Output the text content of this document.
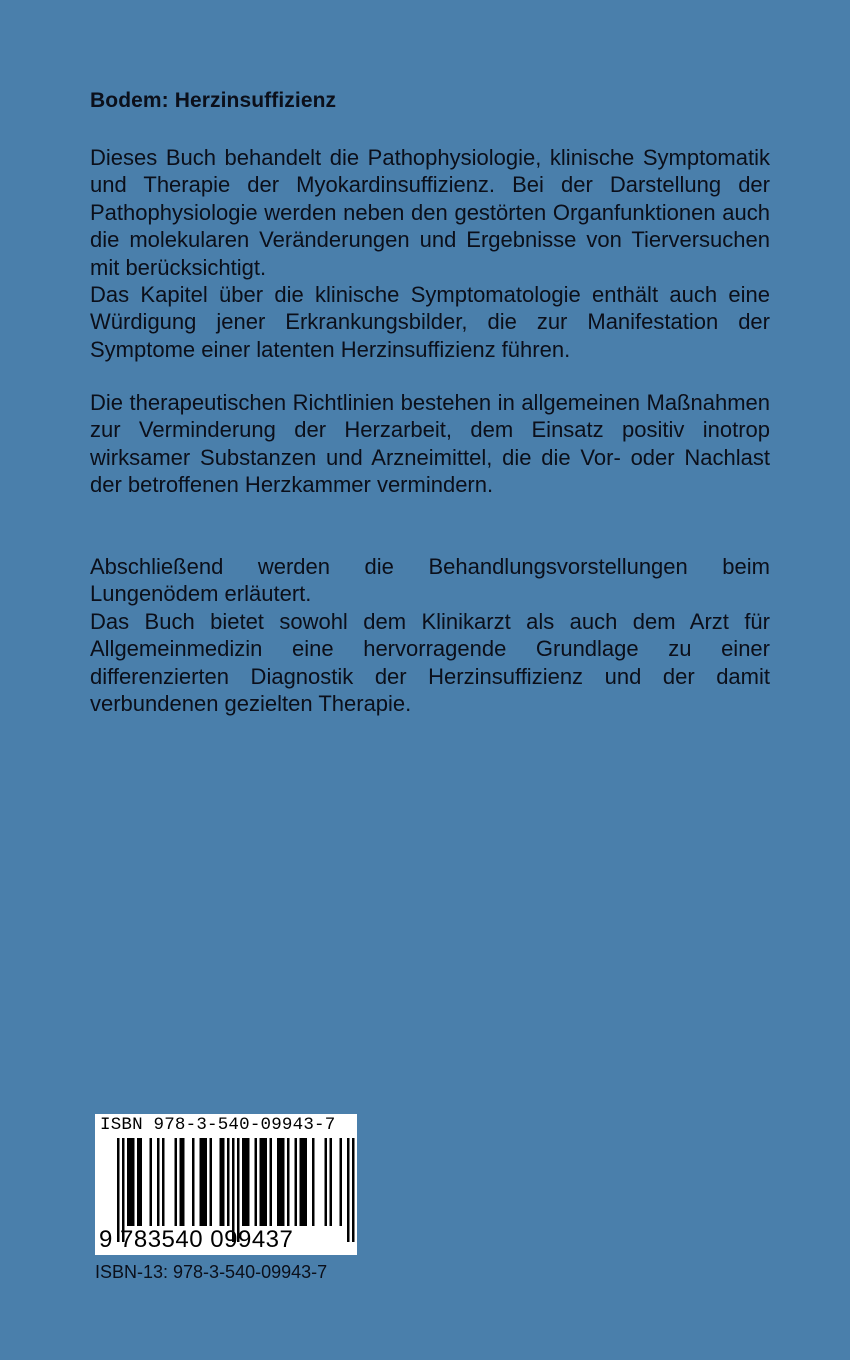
Bodem: Herzinsuffizienz

Dieses Buch behandelt die Pathophysiologie, klinische Symptomatik und Therapie der Myokardinsuffizienz. Bei der Darstellung der Pathophysiologie werden neben den gestörten Organfunktionen auch die molekularen Veränderungen und Ergebnisse von Tierversuchen mit berücksichtigt.

Das Kapitel über die klinische Symptomatologie enthält auch eine Würdigung jener Erkrankungsbilder, die zur Manifestation der Symptome einer latenten Herzinsuffizienz führen.

Die therapeutischen Richtlinien bestehen in allgemeinen Maßnahmen zur Verminderung der Herzarbeit, dem Einsatz positiv inotrop wirksamer Substanzen und Arzneimittel, die die Vor- oder Nachlast der betroffenen Herzkammer vermindern.

Abschließend werden die Behandlungsvorstellungen beim Lungenödem erläutert.

Das Buch bietet sowohl dem Klinikarzt als auch dem Arzt für Allgemeinmedizin eine hervorragende Grundlage zu einer differenzierten Diagnostik der Herzinsuffizienz und der damit verbundenen gezielten Therapie.

ISBN 978-3-540-09943-7
9 783540 099437
ISBN-13: 978-3-540-09943-7
